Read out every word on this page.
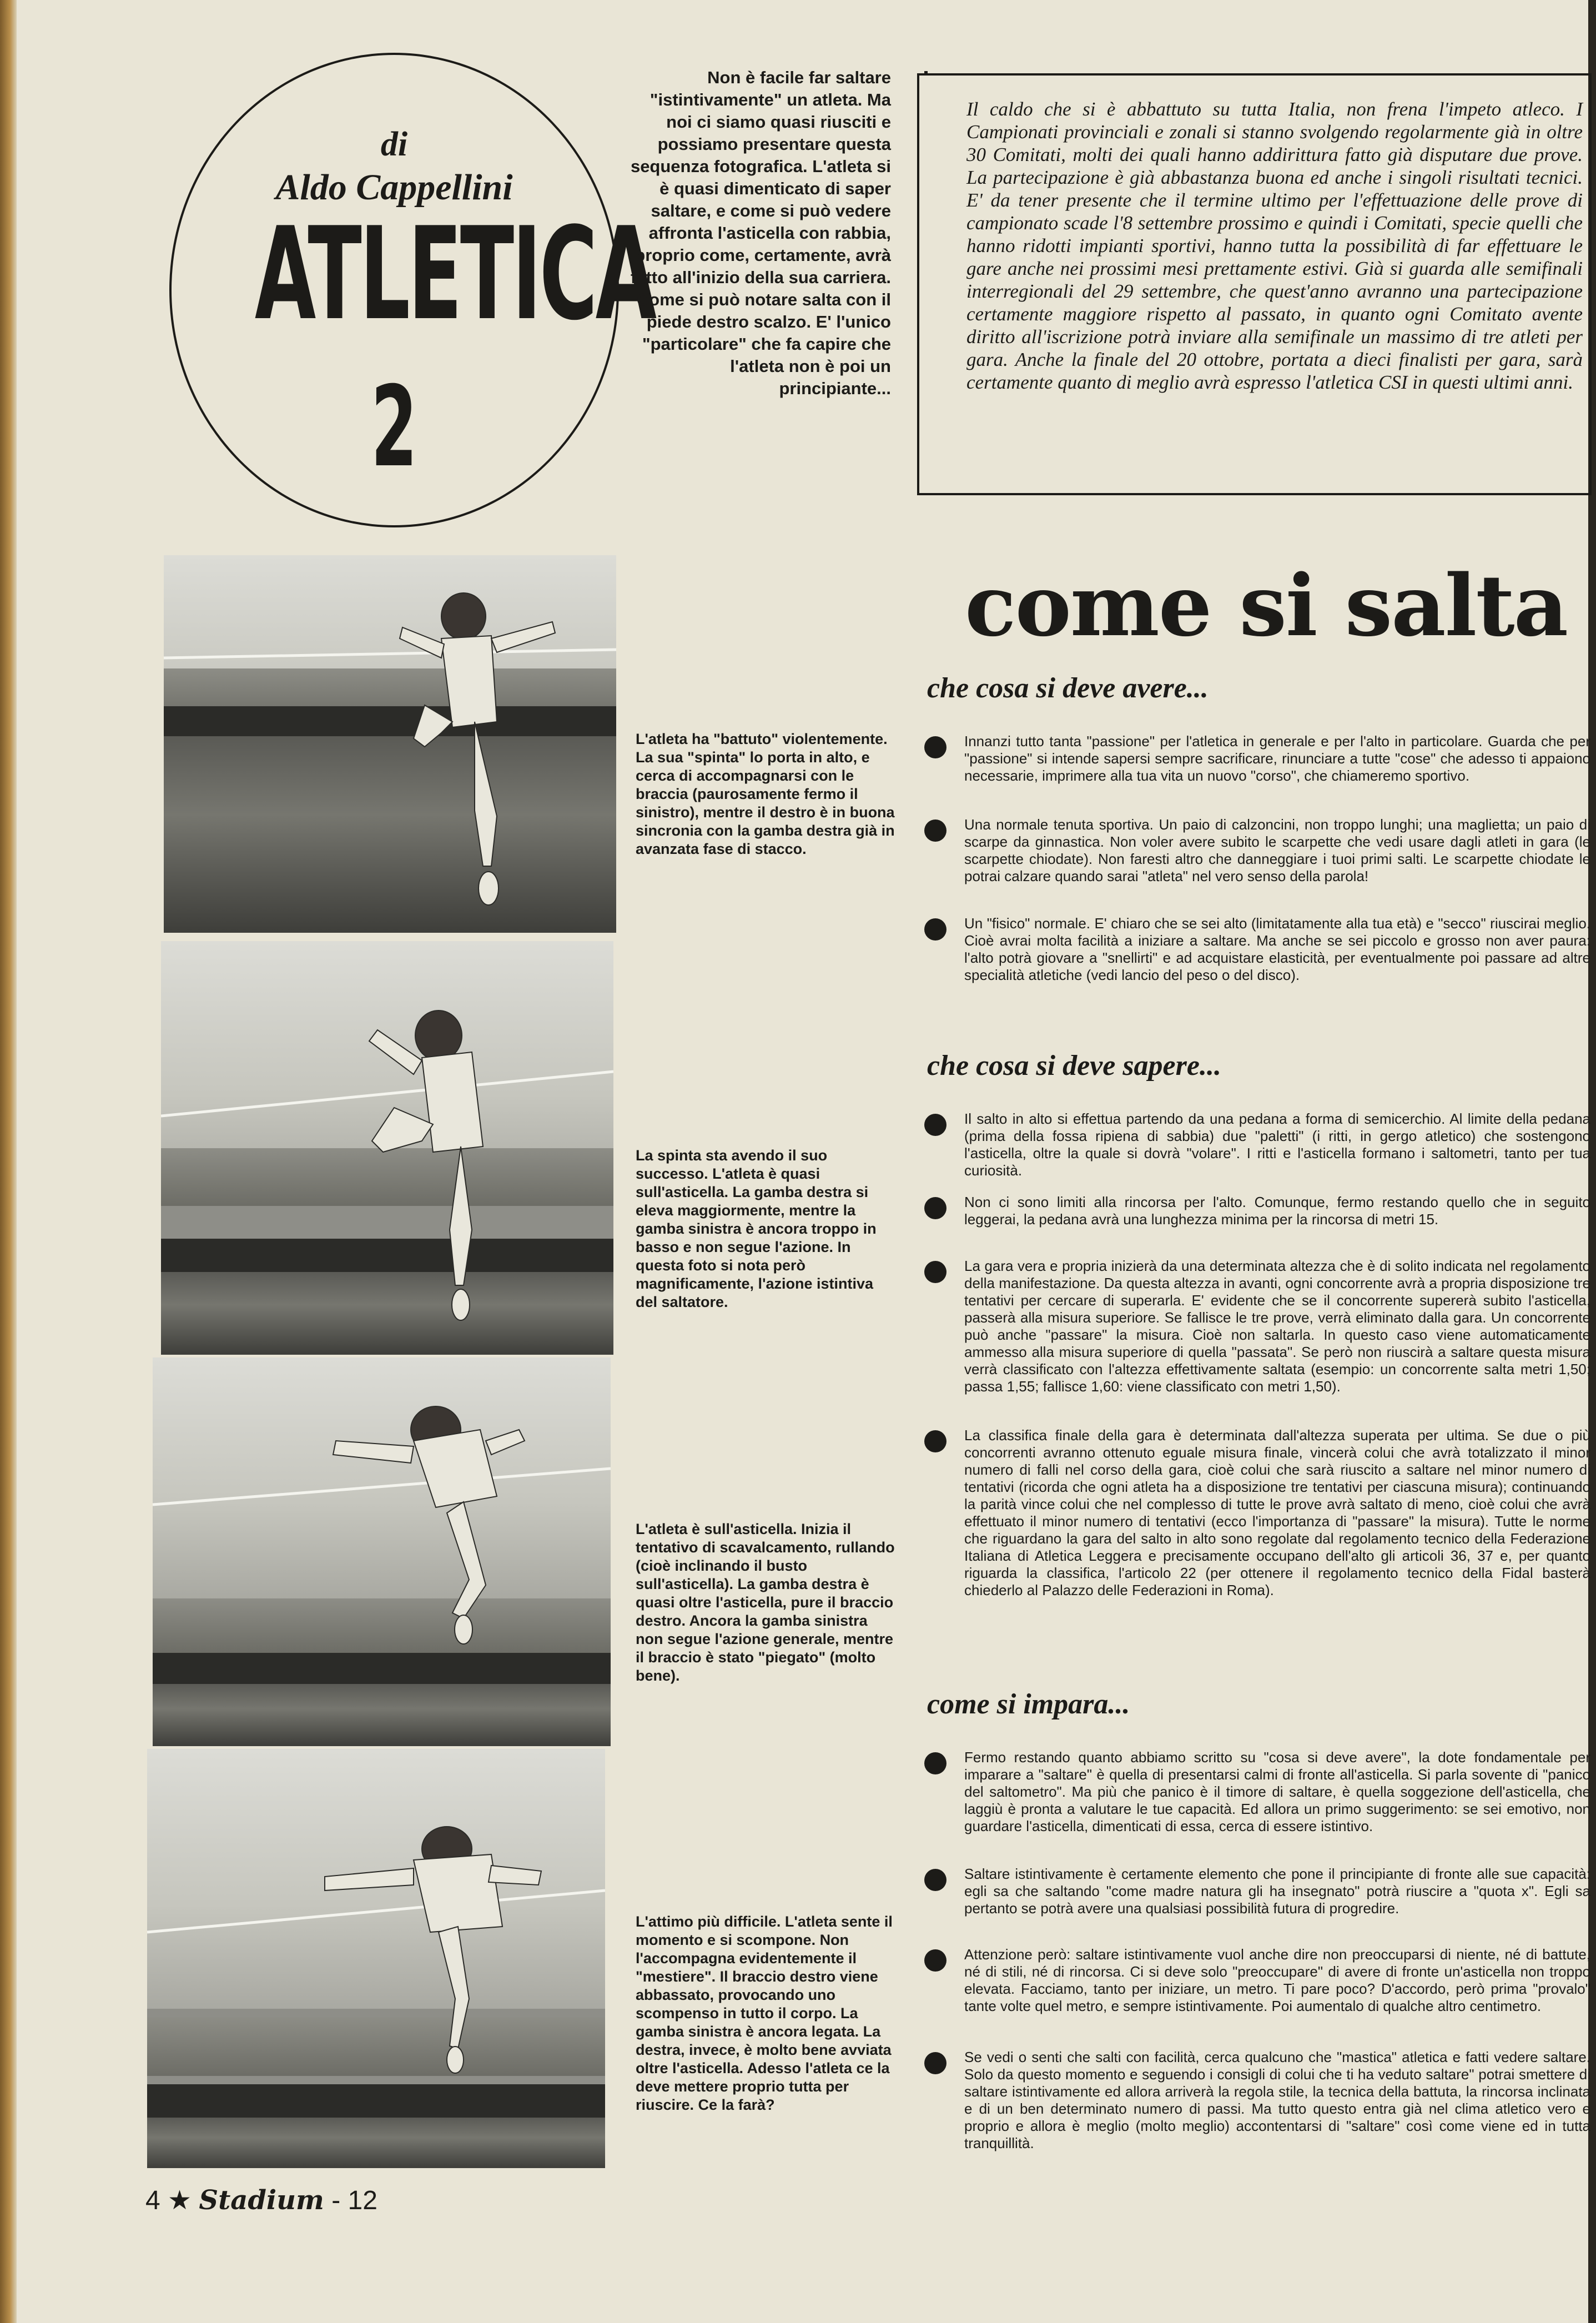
di
Aldo Cappellini
ATLETICA
2
Non è facile far saltare "istintivamente" un atleta. Ma noi ci siamo quasi riusciti e possiamo presentare questa sequenza fotografica. L'atleta si è quasi dimenticato di saper saltare, e come si può vedere affronta l'asticella con rabbia, proprio come, certamente, avrà fatto all'inizio della sua carriera. Come si può notare salta con il piede destro scalzo. E' l'unico "particolare" che fa capire che l'atleta non è poi un principiante...

Il caldo che si è abbattuto su tutta Italia, non frena l'impeto atleco. I Campionati provinciali e zonali si stanno svolgendo regolarmente già in oltre 30 Comitati, molti dei quali hanno addirittura fatto già disputare due prove. La partecipazione è già abbastanza buona ed anche i singoli risultati tecnici. E' da tener presente che il termine ultimo per l'effettuazione delle prove di campionato scade l'8 settembre prossimo e quindi i Comitati, specie quelli che hanno ridotti impianti sportivi, hanno tutta la possibilità di far effettuare le gare anche nei prossimi mesi prettamente estivi. Già si guarda alle semifinali interregionali del 29 settembre, che quest'anno avranno una partecipazione certamente maggiore rispetto al passato, in quanto ogni Comitato avente diritto all'iscrizione potrà inviare alla semifinale un massimo di tre atleti per gara. Anche la finale del 20 ottobre, portata a dieci finalisti per gara, sarà certamente quanto di meglio avrà espresso l'atletica CSI in questi ultimi anni.

L'atleta ha "battuto" violentemente. La sua "spinta" lo porta in alto, e cerca di accompagnarsi con le braccia (paurosamente fermo il sinistro), mentre il destro è in buona sincronia con la gamba destra già in avanzata fase di stacco.
La spinta sta avendo il suo successo. L'atleta è quasi sull'asticella. La gamba destra si eleva maggiormente, mentre la gamba sinistra è ancora troppo in basso e non segue l'azione. In questa foto si nota però magnificamente, l'azione istintiva del saltatore.
L'atleta è sull'asticella. Inizia il tentativo di scavalcamento, rullando (cioè inclinando il busto sull'asticella). La gamba destra è quasi oltre l'asticella, pure il braccio destro. Ancora la gamba sinistra non segue l'azione generale, mentre il braccio è stato "piegato" (molto bene).
L'attimo più difficile. L'atleta sente il momento e si scompone. Non l'accompagna evidentemente il "mestiere". Il braccio destro viene abbassato, provocando uno scompenso in tutto il corpo. La gamba sinistra è ancora legata. La destra, invece, è molto bene avviata oltre l'asticella. Adesso l'atleta ce la deve mettere proprio tutta per riuscire. Ce la farà?
come si salta
che cosa si deve avere...

Innanzi tutto tanta "passione" per l'atletica in generale e per l'alto in particolare. Guarda che per "passione" si intende sapersi sempre sacrificare, rinunciare a tutte "cose" che adesso ti appaiono necessarie, imprimere alla tua vita un nuovo "corso", che chiameremo sportivo.

Una normale tenuta sportiva. Un paio di calzoncini, non troppo lunghi; una maglietta; un paio di scarpe da ginnastica. Non voler avere subito le scarpette che vedi usare dagli atleti in gara (le scarpette chiodate). Non faresti altro che danneggiare i tuoi primi salti. Le scarpette chiodate le potrai calzare quando sarai "atleta" nel vero senso della parola!

Un "fisico" normale. E' chiaro che se sei alto (limitatamente alla tua età) e "secco" riuscirai meglio. Cioè avrai molta facilità a iniziare a saltare. Ma anche se sei piccolo e grosso non aver paura: l'alto potrà giovare a "snellirti" e ad acquistare elasticità, per eventualmente poi passare ad altre specialità atletiche (vedi lancio del peso o del disco).

che cosa si deve sapere...

Il salto in alto si effettua partendo da una pedana a forma di semicerchio. Al limite della pedana (prima della fossa ripiena di sabbia) due "paletti" (i ritti, in gergo atletico) che sostengono l'asticella, oltre la quale si dovrà "volare". I ritti e l'asticella formano i saltometri, tanto per tua curiosità.

Non ci sono limiti alla rincorsa per l'alto. Comunque, fermo restando quello che in seguito leggerai, la pedana avrà una lunghezza minima per la rincorsa di metri 15.

La gara vera e propria inizierà da una determinata altezza che è di solito indicata nel regolamento della manifestazione. Da questa altezza in avanti, ogni concorrente avrà a propria disposizione tre tentativi per cercare di superarla. E' evidente che se il concorrente supererà subito l'asticella, passerà alla misura superiore. Se fallisce le tre prove, verrà eliminato dalla gara. Un concorrente può anche "passare" la misura. Cioè non saltarla. In questo caso viene automaticamente ammesso alla misura superiore di quella "passata". Se però non riuscirà a saltare questa misura verrà classificato con l'altezza effettivamente saltata (esempio: un concorrente salta metri 1,50; passa 1,55; fallisce 1,60: viene classificato con metri 1,50).

La classifica finale della gara è determinata dall'altezza superata per ultima. Se due o più concorrenti avranno ottenuto eguale misura finale, vincerà colui che avrà totalizzato il minor numero di falli nel corso della gara, cioè colui che sarà riuscito a saltare nel minor numero di tentativi (ricorda che ogni atleta ha a disposizione tre tentativi per ciascuna misura); continuando la parità vince colui che nel complesso di tutte le prove avrà saltato di meno, cioè colui che avrà effettuato il minor numero di tentativi (ecco l'importanza di "passare" la misura). Tutte le norme che riguardano la gara del salto in alto sono regolate dal regolamento tecnico della Federazione Italiana di Atletica Leggera e precisamente occupano dell'alto gli articoli 36, 37 e, per quanto riguarda la classifica, l'articolo 22 (per ottenere il regolamento tecnico della Fidal basterà chiederlo al Palazzo delle Federazioni in Roma).

come si impara...

Fermo restando quanto abbiamo scritto su "cosa si deve avere", la dote fondamentale per imparare a "saltare" è quella di presentarsi calmi di fronte all'asticella. Si parla sovente di "panico del saltometro". Ma più che panico è il timore di saltare, è quella soggezione dell'asticella, che laggiù è pronta a valutare le tue capacità. Ed allora un primo suggerimento: se sei emotivo, non guardare l'asticella, dimenticati di essa, cerca di essere istintivo.

Saltare istintivamente è certamente elemento che pone il principiante di fronte alle sue capacità: egli sa che saltando "come madre natura gli ha insegnato" potrà riuscire a "quota x". Egli sa pertanto se potrà avere una qualsiasi possibilità futura di progredire.

Attenzione però: saltare istintivamente vuol anche dire non preoccuparsi di niente, né di battute, né di stili, né di rincorsa. Ci si deve solo "preoccupare" di avere di fronte un'asticella non troppo elevata. Facciamo, tanto per iniziare, un metro. Ti pare poco? D'accordo, però prima "provalo" tante volte quel metro, e sempre istintivamente. Poi aumentalo di qualche altro centimetro.

Se vedi o senti che salti con facilità, cerca qualcuno che "mastica" atletica e fatti vedere saltare. Solo da questo momento e seguendo i consigli di colui che ti ha veduto saltare" potrai smettere di saltare istintivamente ed allora arriverà la regola stile, la tecnica della battuta, la rincorsa inclinata e di un ben determinato numero di passi. Ma tutto questo entra già nel clima atletico vero e proprio e allora è meglio (molto meglio) accontentarsi di "saltare" così come viene ed in tutta tranquillità.

4 ★ Stadium - 12
